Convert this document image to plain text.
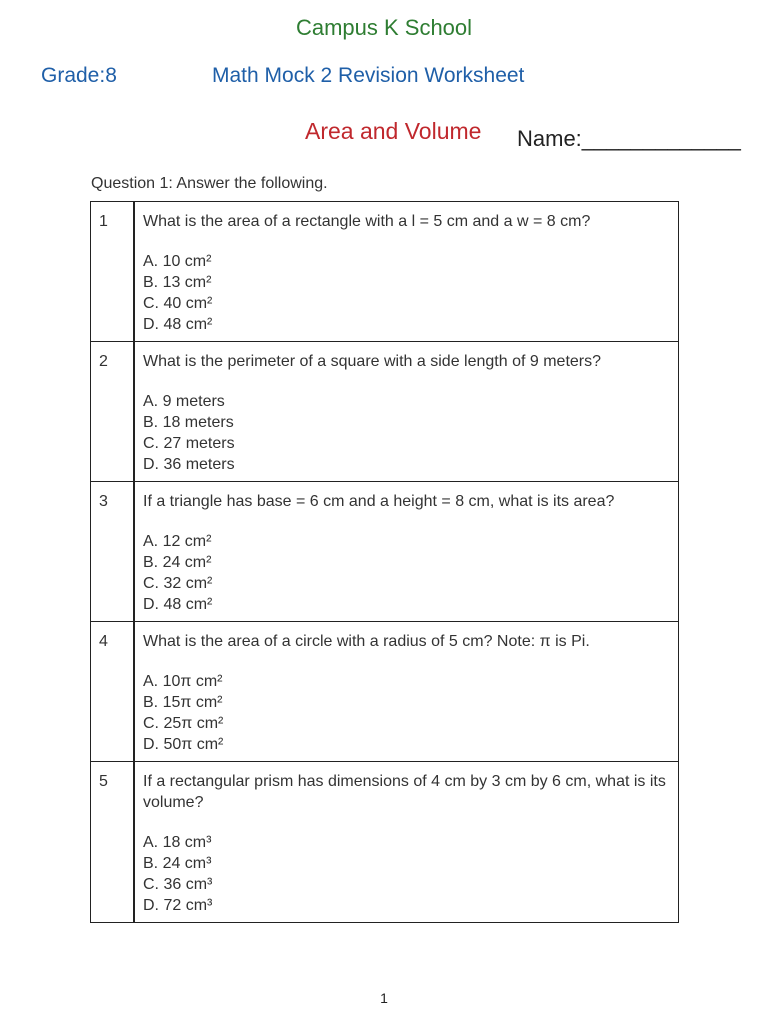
Campus K School
Grade:8	Math Mock 2 Revision Worksheet
Area and Volume Name:_____________
Question 1: Answer the following.
1	What is the area of a rectangle with a l = 5 cm and a w = 8 cm?
A. 10 cm²
B. 13 cm²
C. 40 cm²
D. 48 cm²

2	What is the perimeter of a square with a side length of 9 meters?
A. 9 meters
B. 18 meters
C. 27 meters
D. 36 meters

3	If a triangle has base = 6 cm and a height = 8 cm, what is its area?
A. 12 cm²
B. 24 cm²
C. 32 cm²
D. 48 cm²

4	What is the area of a circle with a radius of 5 cm? Note: π is Pi.
A. 10π cm²
B. 15π cm²
C. 25π cm²
D. 50π cm²

5	If a rectangular prism has dimensions of 4 cm by 3 cm by 6 cm, what is its volume?
A. 18 cm³
B. 24 cm³
C. 36 cm³
D. 72 cm³
1
